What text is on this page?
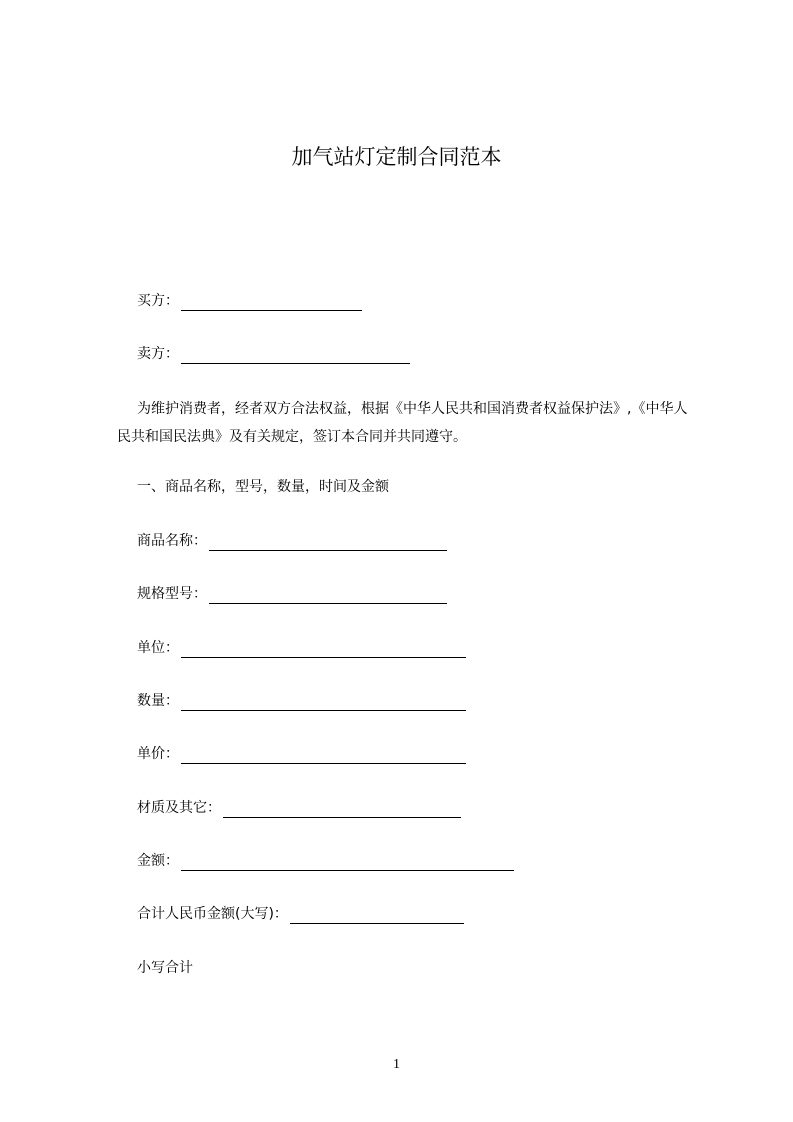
加气站灯定制合同范本
买方：
卖方：
为维护消费者，经者双方合法权益，根据《中华人民共和国消费者权益保护法》,《中华人民共和国民法典》及有关规定，签订本合同并共同遵守。
一、商品名称，型号，数量，时间及金额
商品名称：
规格型号：
单位：
数量：
单价：
材质及其它：
金额：
合计人民币金额(大写)：
小写合计
1
